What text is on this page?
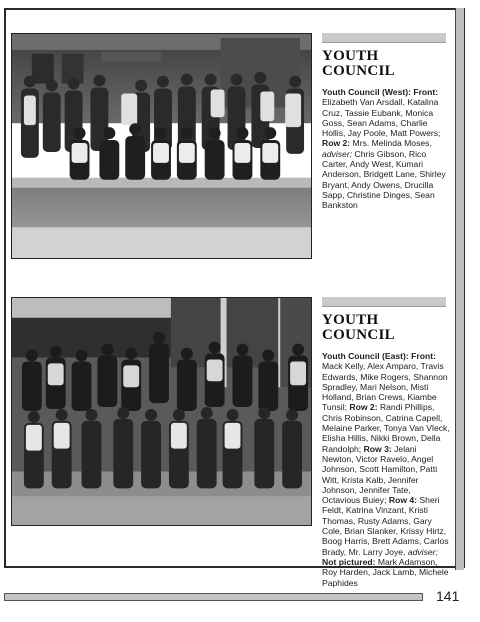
YOUTH
COUNCIL

Youth Council (West): Front: Elizabeth Van Arsdall, Katalina Cruz, Tassie Eubank, Monica Goss, Sean Adams, Charlie Hollis, Jay Poole, Matt Powers; Row 2: Mrs. Melinda Moses, adviser; Chris Gibson, Rico Carter, Andy West, Kumari Anderson, Bridgett Lane, Shirley Bryant, Andy Owens, Drucilla Sapp, Christine Dinges, Sean Bankston

YOUTH
COUNCIL

Youth Council (East): Front: Mack Kelly, Alex Amparo, Travis Edwards, Mike Rogers, Shannon Spradley, Mari Nelson, Misti Holland, Brian Crews, Kiambe Tunsil; Row 2: Randi Phillips, Chris Robinson, Catrina Capell, Melaine Parker, Tonya Van Vleck, Elisha Hillis, Nikki Brown, Della Randolph; Row 3: Jelani Newton, Victor Ravelo, Angel Johnson, Scott Hamilton, Patti Witt, Krista Kalb, Jennifer Johnson, Jennifer Tate, Octavious Buiey; Row 4: Sheri Feldt, Katrina Vinzant, Kristi Thomas, Rusty Adams, Gary Cole, Brian Slanker, Krissy Hirtz, Boog Harris, Brett Adams, Carlos Brady, Mr. Larry Joye, adviser; Not pictured: Mark Adamson, Roy Harden, Jack Lamb, Michele Paphides

141
